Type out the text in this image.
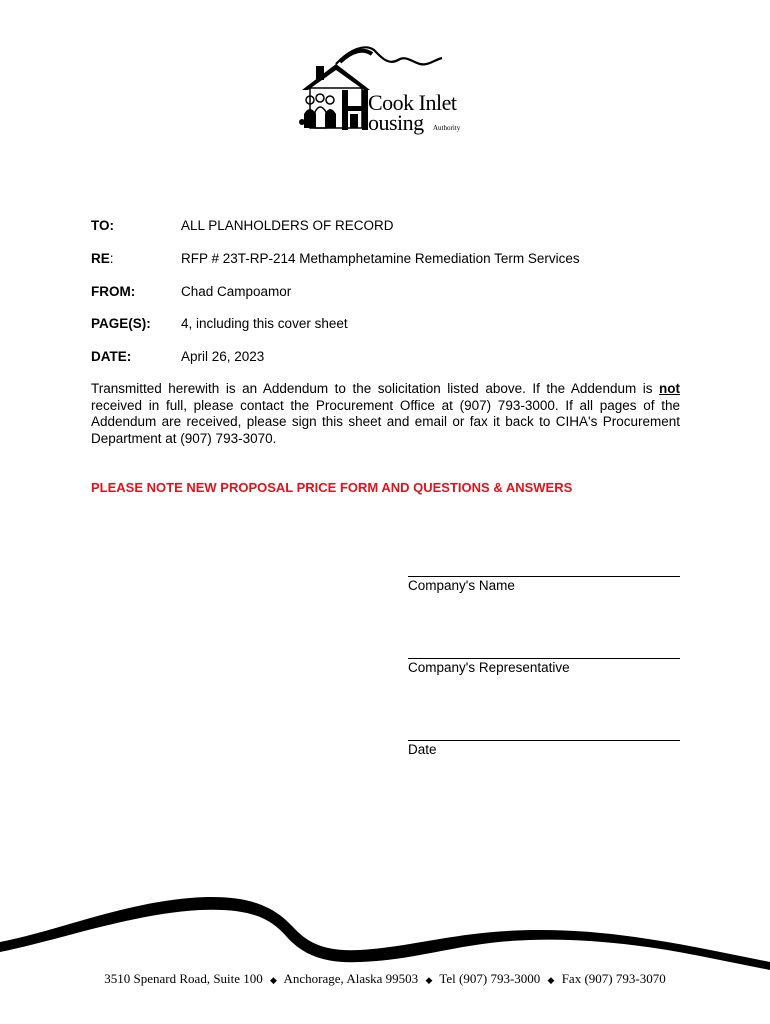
Cook Inlet
ousing Authority
TO:	ALL PLANHOLDERS OF RECORD
RE:	RFP # 23T-RP-214 Methamphetamine Remediation Term Services
FROM:	Chad Campoamor
PAGE(S): 4, including this cover sheet
DATE:	April 26, 2023
Transmitted herewith is an Addendum to the solicitation listed above. If the Addendum is not received in full, please contact the Procurement Office at (907) 793-3000. If all pages of the Addendum are received, please sign this sheet and email or fax it back to CIHA's Procurement Department at (907) 793-3070.
PLEASE NOTE NEW PROPOSAL PRICE FORM AND QUESTIONS & ANSWERS
Company's Name
Company's Representative
Date
3510 Spenard Road, Suite 100 ◆ Anchorage, Alaska 99503 ◆ Tel (907) 793-3000 ◆ Fax (907) 793-3070
